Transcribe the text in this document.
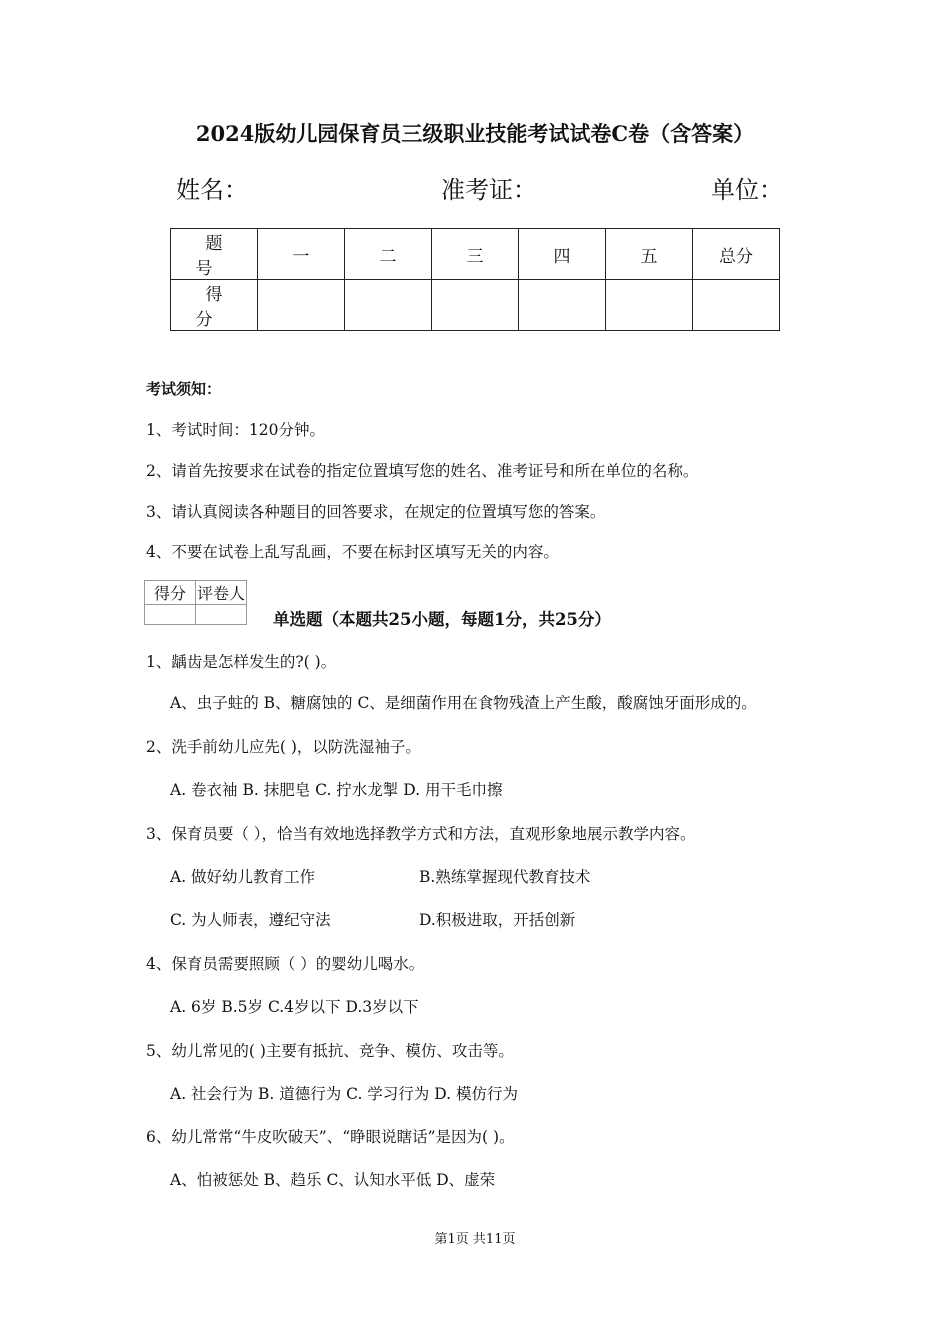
2024版幼儿园保育员三级职业技能考试试卷C卷（含答案）
姓名：	准考证：	单位：
题 号	一	二	三	四	五	总分
得 分						
考试须知：
1、考试时间：120分钟。
2、请首先按要求在试卷的指定位置填写您的姓名、准考证号和所在单位的名称。
3、请认真阅读各种题目的回答要求，在规定的位置填写您的答案。
4、不要在试卷上乱写乱画，不要在标封区填写无关的内容。
得分	评卷人

单选题（本题共25小题，每题1分，共25分）
1、龋齿是怎样发生的?( )。
A、虫子蛀的 B、糖腐蚀的 C、是细菌作用在食物残渣上产生酸，酸腐蚀牙面形成的。
2、洗手前幼儿应先( )，以防洗湿袖子。
A. 卷衣袖 B. 抹肥皂 C. 拧水龙掣 D. 用干毛巾擦
3、保育员要（ ），恰当有效地选择教学方式和方法，直观形象地展示教学内容。
A. 做好幼儿教育工作	B.熟练掌握现代教育技术
C. 为人师表，遵纪守法	D.积极进取，开括创新
4、保育员需要照顾（ ）的婴幼儿喝水。
A. 6岁 B.5岁 C.4岁以下 D.3岁以下
5、幼儿常见的( )主要有抵抗、竞争、模仿、攻击等。
A. 社会行为 B. 道德行为 C. 学习行为 D. 模仿行为
6、幼儿常常“牛皮吹破天”、“睁眼说瞎话”是因为( )。
A、怕被惩处 B、趋乐 C、认知水平低 D、虚荣
第1页 共11页
